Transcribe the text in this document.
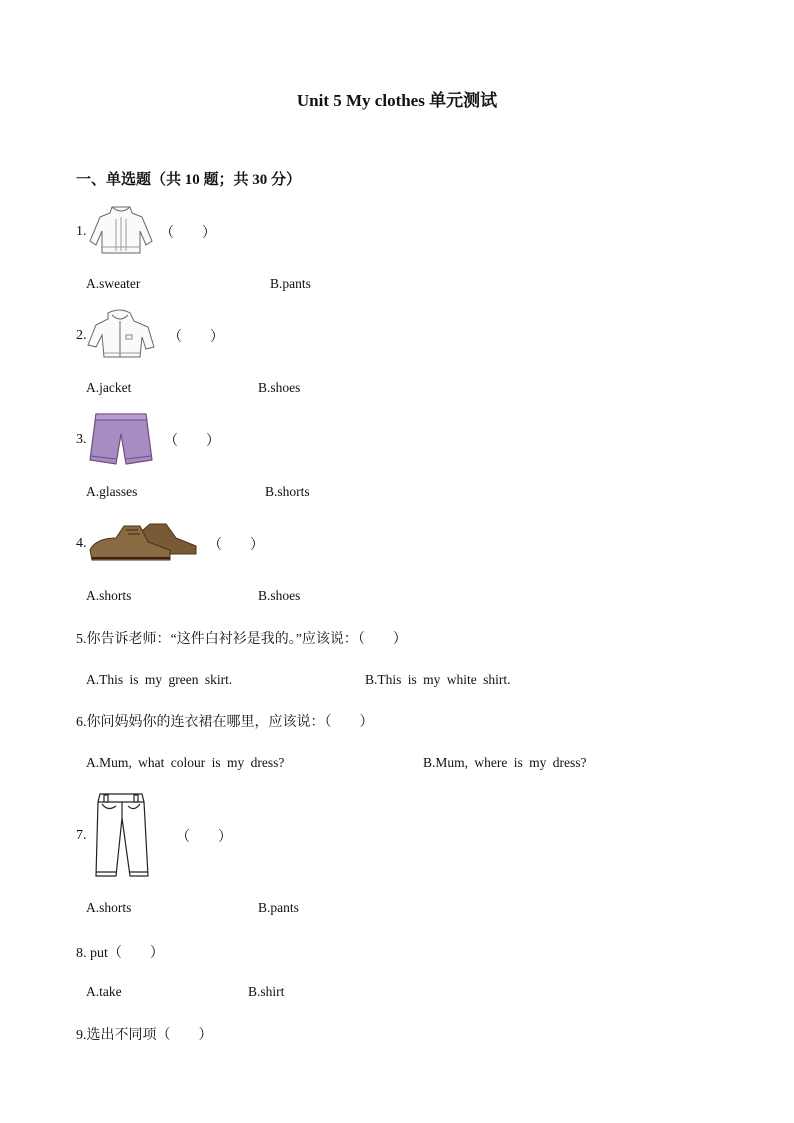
Unit 5 My clothes 单元测试
一、单选题（共 10 题；共 30 分）
1.	（　　）
A.sweater	B.pants
2.	（　　）
A.jacket	B.shoes
3.	（　　）
A.glasses	B.shorts
4.	（　　）
A.shorts	B.shoes
5.你告诉老师：“这件白衬衫是我的。”应该说：（　　）
A.This is my green skirt.	B.This is my white shirt.
6.你问妈妈你的连衣裙在哪里，应该说：（　　）
A.Mum, what colour is my dress?	B.Mum, where is my dress?
7.	（　　）
A.shorts	B.pants
8. put（　　）
A.take	B.shirt
9.选出不同项（　　）
